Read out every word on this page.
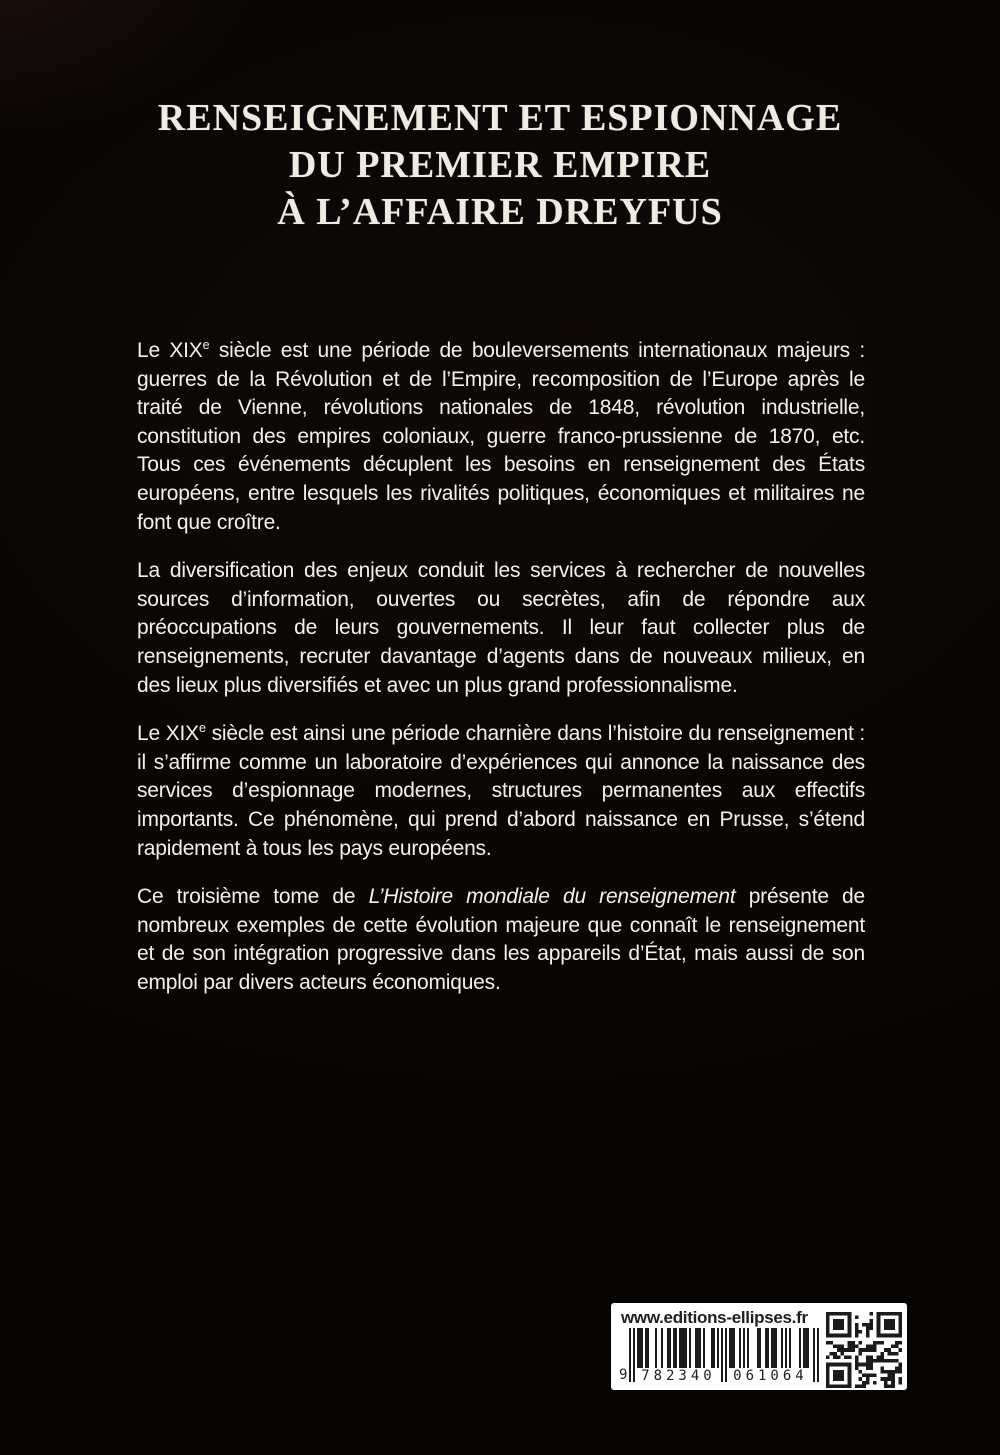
RENSEIGNEMENT ET ESPIONNAGE
DU PREMIER EMPIRE
À L’AFFAIRE DREYFUS

Le XIXe siècle est une période de bouleversements internationaux majeurs : guerres de la Révolution et de l’Empire, recomposition de l’Europe après le traité de Vienne, révolutions nationales de 1848, révolution industrielle, constitution des empires coloniaux, guerre franco-prussienne de 1870, etc. Tous ces événements décuplent les besoins en renseignement des États européens, entre lesquels les rivalités politiques, économiques et militaires ne font que croître.

La diversification des enjeux conduit les services à rechercher de nouvelles sources d’information, ouvertes ou secrètes, afin de répondre aux préoccupations de leurs gouvernements. Il leur faut collecter plus de renseignements, recruter davantage d’agents dans de nouveaux milieux, en des lieux plus diversifiés et avec un plus grand professionnalisme.

Le XIXe siècle est ainsi une période charnière dans l’histoire du renseignement : il s’affirme comme un laboratoire d’expériences qui annonce la naissance des services d’espionnage modernes, structures permanentes aux effectifs importants. Ce phénomène, qui prend d’abord naissance en Prusse, s’étend rapidement à tous les pays européens.

Ce troisième tome de L’Histoire mondiale du renseignement présente de nombreux exemples de cette évolution majeure que connaît le renseignement et de son intégration progressive dans les appareils d’État, mais aussi de son emploi par divers acteurs économiques.

www.editions-ellipses.fr
9 782340	061064
